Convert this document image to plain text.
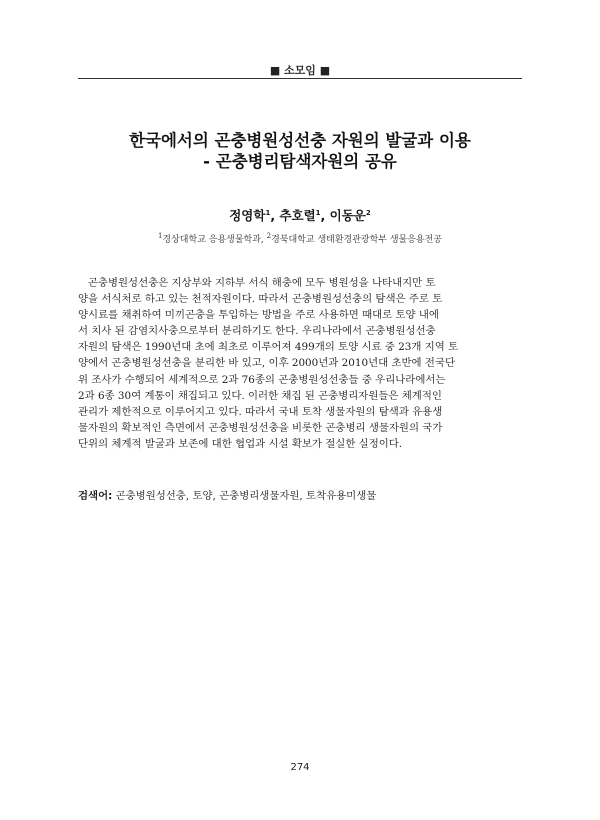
■ 소모임 ■
한국에서의 곤충병원성선충 자원의 발굴과 이용
- 곤충병리탐색자원의 공유
정영학$^1$, 추호렬$^1$, 이동운$^2$
$^1$경상대학교 응용생물학과, $^2$경북대학교 생태환경관광학부 생물응용전공
곤충병원성선충은 지상부와 지하부 서식 해충에 모두 병원성을 나타내지만 토
양을 서식처로 하고 있는 천적자원이다. 따라서 곤충병원성선충의 탐색은 주로 토
양시료를 채취하여 미끼곤충을 투입하는 방법을 주로 사용하면 때대로 토양 내에
서 치사 된 감염치사충으로부터 분리하기도 한다. 우리나라에서 곤충병원성선충
자원의 탐색은 1990년대 초에 최초로 이루어져 499개의 토양 시료 중 23개 지역 토
양에서 곤충병원성선충을 분리한 바 있고, 이후 2000년과 2010년대 초반에 전국단
위 조사가 수행되어 세계적으로 2과 76종의 곤충병원성선충들 중 우리나라에서는
2과 6종 30여 계통이 채집되고 있다. 이러한 채집 된 곤충병리자원들은 체계적인
관리가 제한적으로 이루어지고 있다. 따라서 국내 토착 생물자원의 탐색과 유용생
물자원의 확보적인 측면에서 곤충병원성선충을 비롯한 곤충병리 생물자원의 국가
단위의 체계적 발굴과 보존에 대한 협업과 시설 확보가 절실한 실정이다.
검색어: 곤충병원성선충, 토양, 곤충병리생물자원, 토착유용미생물
274
